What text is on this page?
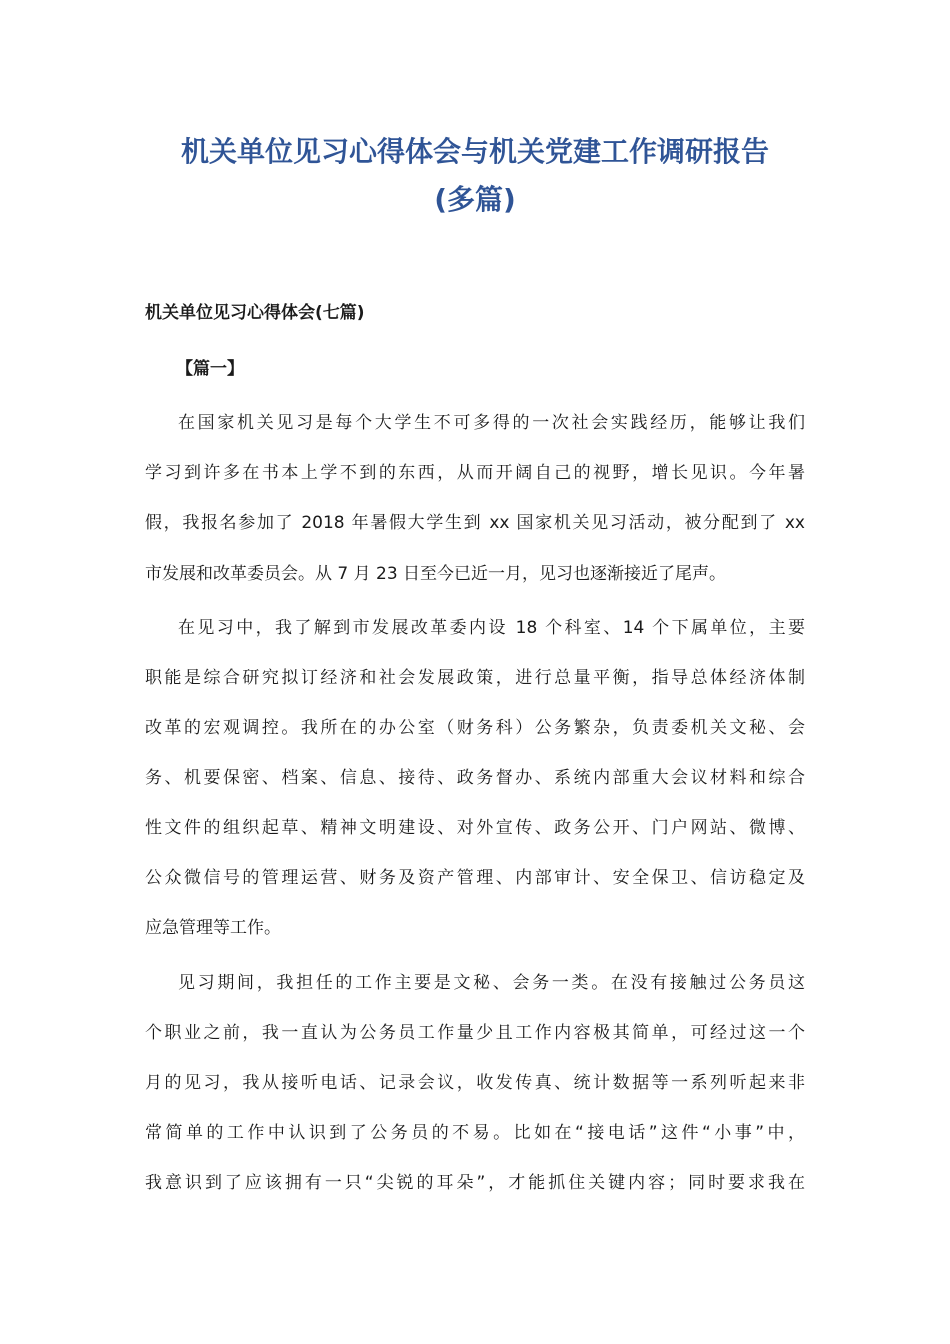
机关单位见习心得体会与机关党建工作调研报告
(多篇)
机关单位见习心得体会(七篇)
【篇一】

在国家机关见习是每个大学生不可多得的一次社会实践经历，能够让我们

学习到许多在书本上学不到的东西，从而开阔自己的视野，增长见识。今年暑

假，我报名参加了 2018 年暑假大学生到 xx 国家机关见习活动，被分配到了 xx

市发展和改革委员会。从 7 月 23 日至今已近一月，见习也逐渐接近了尾声。

在见习中，我了解到市发展改革委内设 18 个科室、14 个下属单位，主要

职能是综合研究拟订经济和社会发展政策，进行总量平衡，指导总体经济体制

改革的宏观调控。我所在的办公室（财务科）公务繁杂，负责委机关文秘、会

务、机要保密、档案、信息、接待、政务督办、系统内部重大会议材料和综合

性文件的组织起草、精神文明建设、对外宣传、政务公开、门户网站、微博、

公众微信号的管理运营、财务及资产管理、内部审计、安全保卫、信访稳定及

应急管理等工作。

见习期间，我担任的工作主要是文秘、会务一类。在没有接触过公务员这

个职业之前，我一直认为公务员工作量少且工作内容极其简单，可经过这一个

月的见习，我从接听电话、记录会议，收发传真、统计数据等一系列听起来非

常简单的工作中认识到了公务员的不易。比如在“接电话”这件“小事”中，

我意识到了应该拥有一只“尖锐的耳朵”，才能抓住关键内容；同时要求我在
